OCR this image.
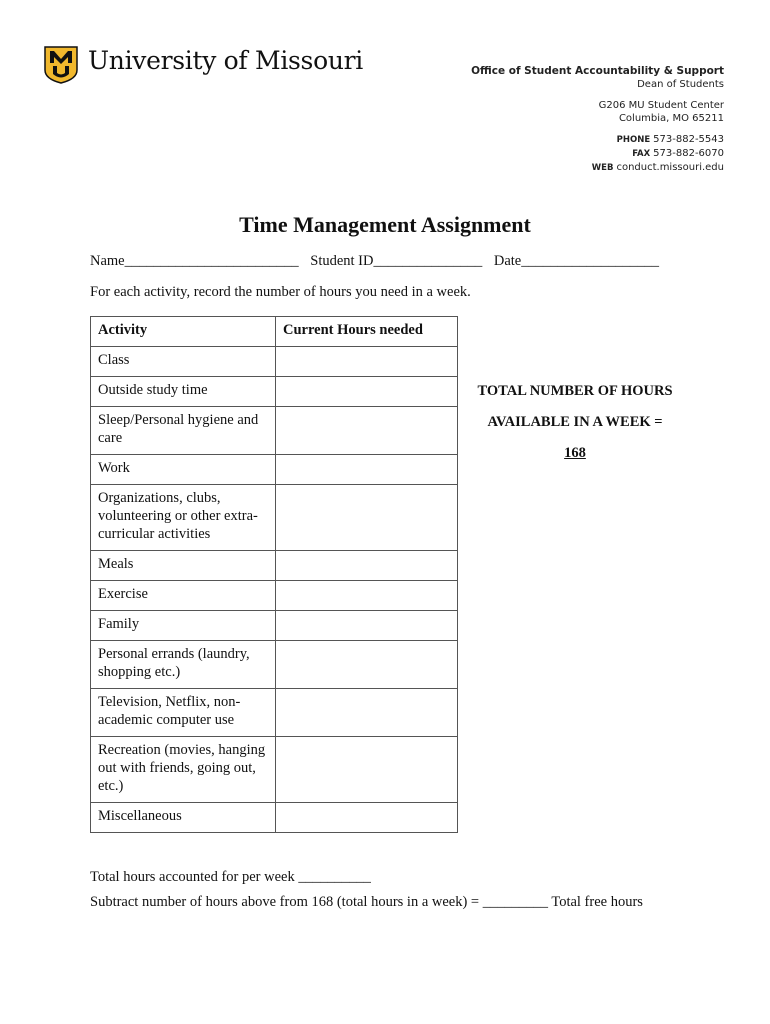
University of Missouri	Office of Student Accountability & Support
Dean of Students
G206 MU Student Center
Columbia, MO 65211
PHONE 573-882-5543
FAX 573-882-6070
WEB conduct.missouri.edu
Time Management Assignment
Name________________________ Student ID_______________ Date___________________
For each activity, record the number of hours you need in a week.
Activity	Current Hours needed
Class	
Outside study time	
Sleep/Personal hygiene and care	
Work	
Organizations, clubs, volunteering or other extra-curricular activities	
Meals	
Exercise	
Family	
Personal errands (laundry, shopping etc.)	
Television, Netflix, non-academic computer use	
Recreation (movies, hanging out with friends, going out, etc.)	
Miscellaneous	
TOTAL NUMBER OF HOURS
AVAILABLE IN A WEEK =
168
Total hours accounted for per week __________
Subtract number of hours above from 168 (total hours in a week) = _________ Total free hours
